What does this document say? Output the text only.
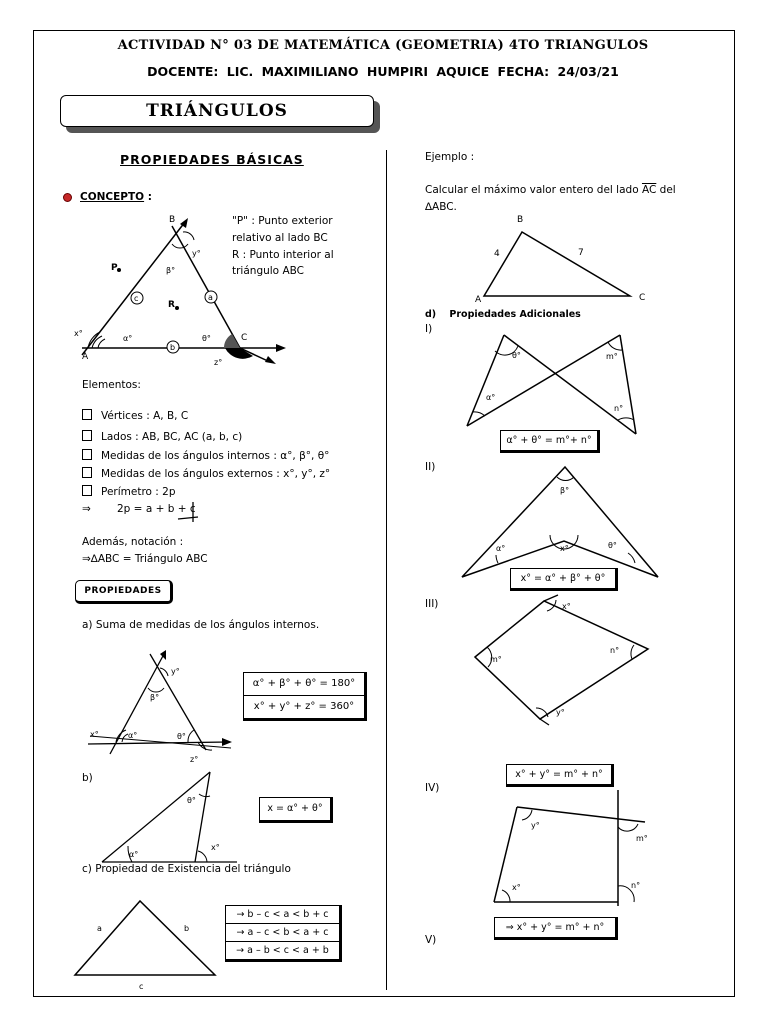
ACTIVIDAD N° 03 DE MATEMÁTICA (GEOMETRIA) 4TO TRIANGULOS
DOCENTE: LIC. MAXIMILIANO HUMPIRI AQUICE FECHA: 24/03/21
TRIÁNGULOS
PROPIEDADES BÁSICAS
CONCEPTO :
"P" : Punto exterior
relativo al lado BC
R : Punto interior al
triángulo ABC
a
c
b
B
A
C
P
R
α°
β°
θ°
x°
y°
z°
Elementos:
Vértices : A, B, C
Lados : AB, BC, AC (a, b, c)
Medidas de los ángulos internos : α°, β°, θ°
Medidas de los ángulos externos : x°, y°, z°
Perímetro : 2p
⇒ 2p = a + b + c
Además, notación :
⇒∆ABC = Triángulo ABC
PROPIEDADES
a) Suma de medidas de los ángulos internos.
α°
β°
θ°
x°
y°
z°
α° + β° + θ° = 180°
x° + y° + z° = 360°
b)
α°
θ°
x°
x = α° + θ°
c) Propiedad de Existencia del triángulo
a	b
c
→ b – c < a < b + c
→ a – c < b < a + c
→ a – b < c < a + b
Ejemplo :
Calcular el máximo valor entero del lado $\overline{AC}$ del
∆ABC.
B
A	C
4	7
d) Propiedades Adicionales
I)
θ°
α°
m°
n°
α° + θ° = m°+ n°
II)
β°
α°	x°	θ°
x° = α° + β° + θ°
III)
m°
n°
x°
y°
x° + y° = m° + n°
IV)
y°
x°
m°
n°
⇒ x° + y° = m° + n°
V)
